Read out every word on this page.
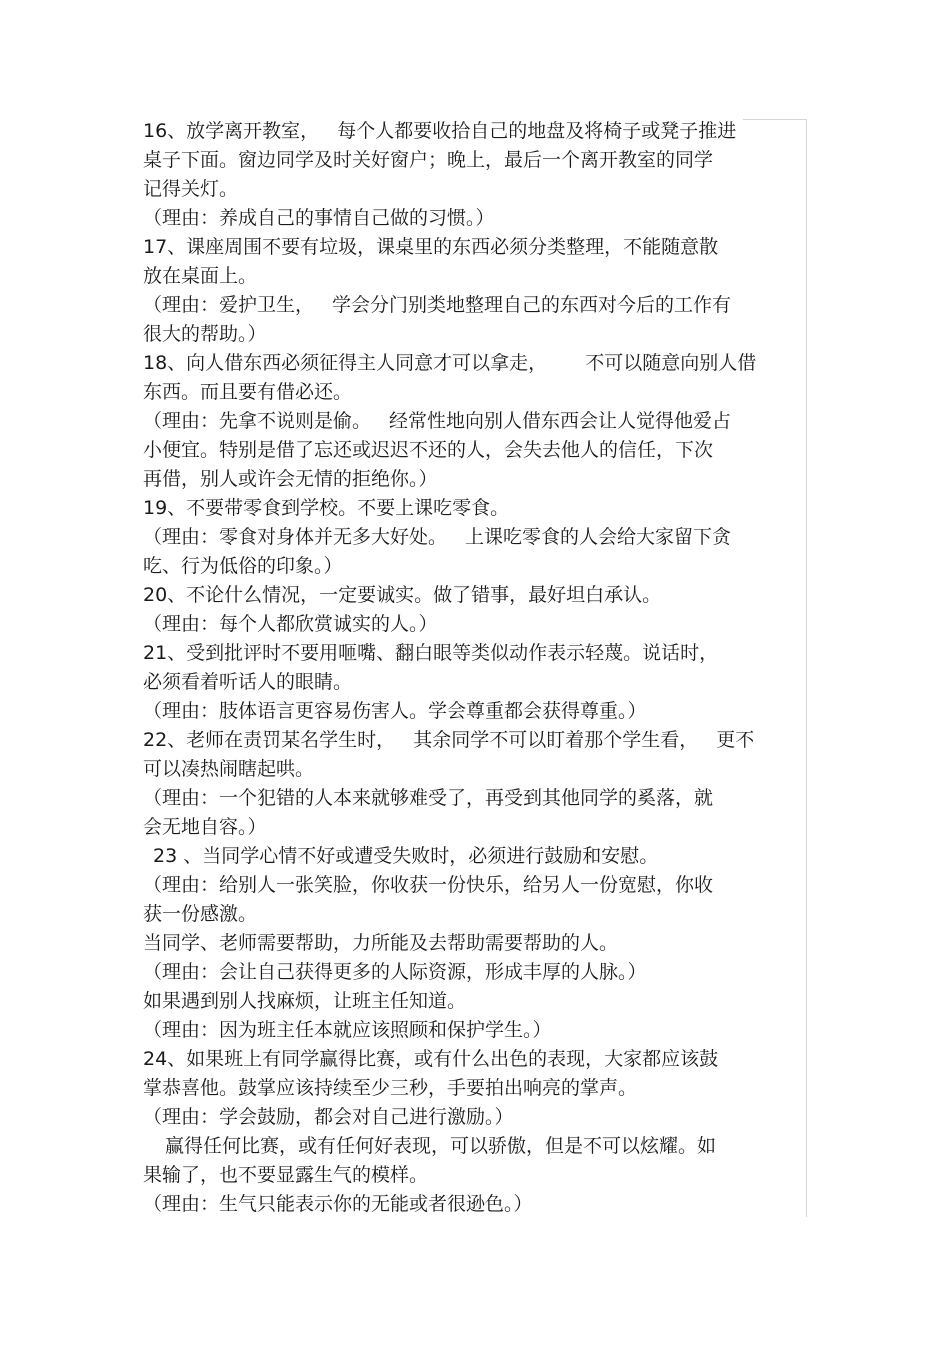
16、放学离开教室， 每个人都要收拾自己的地盘及将椅子或凳子推进
桌子下面。窗边同学及时关好窗户；晚上，最后一个离开教室的同学
记得关灯。
（理由：养成自己的事情自己做的习惯。）
17、课座周围不要有垃圾，课桌里的东西必须分类整理，不能随意散
放在桌面上。
（理由：爱护卫生， 学会分门别类地整理自己的东西对今后的工作有
很大的帮助。）
18、向人借东西必须征得主人同意才可以拿走， 不可以随意向别人借
东西。而且要有借必还。
（理由：先拿不说则是偷。 经常性地向别人借东西会让人觉得他爱占
小便宜。特别是借了忘还或迟迟不还的人，会失去他人的信任，下次
再借，别人或许会无情的拒绝你。）
19、不要带零食到学校。不要上课吃零食。
（理由：零食对身体并无多大好处。 上课吃零食的人会给大家留下贪
吃、行为低俗的印象。）
20、不论什么情况，一定要诚实。做了错事，最好坦白承认。
（理由：每个人都欣赏诚实的人。）
21、受到批评时不要用咂嘴、翻白眼等类似动作表示轻蔑。说话时，
必须看着听话人的眼睛。
（理由：肢体语言更容易伤害人。学会尊重都会获得尊重。）
22、老师在责罚某名学生时， 其余同学不可以盯着那个学生看， 更不
可以凑热闹瞎起哄。
（理由：一个犯错的人本来就够难受了，再受到其他同学的奚落，就
会无地自容。）
23 、当同学心情不好或遭受失败时，必须进行鼓励和安慰。
（理由：给别人一张笑脸，你收获一份快乐，给另人一份宽慰，你收
获一份感激。
当同学、老师需要帮助，力所能及去帮助需要帮助的人。
（理由：会让自己获得更多的人际资源，形成丰厚的人脉。）
如果遇到别人找麻烦，让班主任知道。
（理由：因为班主任本就应该照顾和保护学生。）
24、如果班上有同学赢得比赛，或有什么出色的表现，大家都应该鼓
掌恭喜他。鼓掌应该持续至少三秒，手要拍出响亮的掌声。
（理由：学会鼓励，都会对自己进行激励。）
赢得任何比赛，或有任何好表现，可以骄傲，但是不可以炫耀。如
果输了，也不要显露生气的模样。
（理由：生气只能表示你的无能或者很逊色。）
